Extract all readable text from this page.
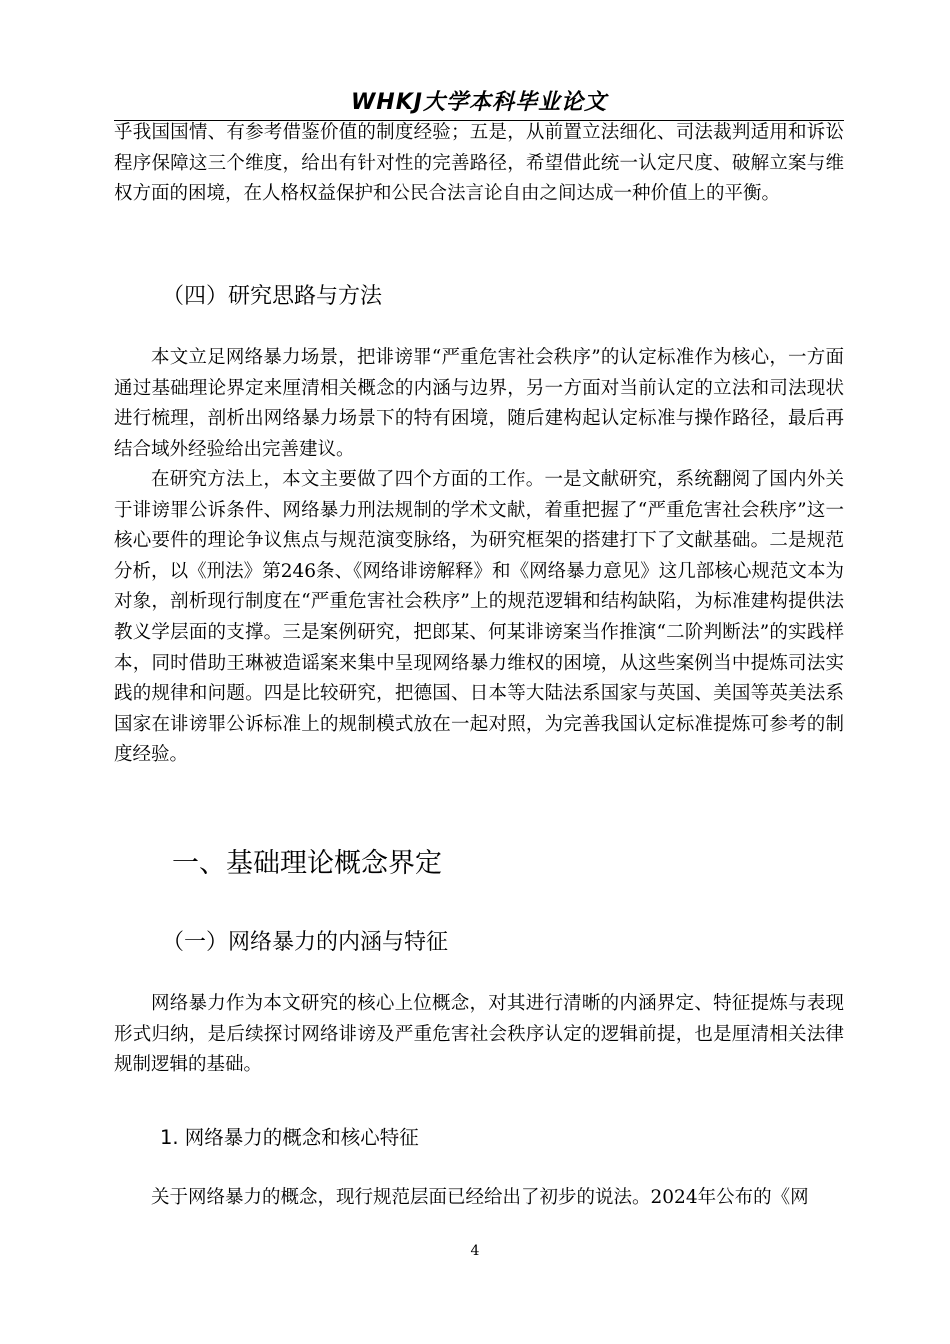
WHKJ大学本科毕业论文

乎我国国情、有参考借鉴价值的制度经验；五是，从前置立法细化、司法裁判适用和诉讼程序保障这三个维度，给出有针对性的完善路径，希望借此统一认定尺度、破解立案与维权方面的困境，在人格权益保护和公民合法言论自由之间达成一种价值上的平衡。

（四）研究思路与方法

本文立足网络暴力场景，把诽谤罪“严重危害社会秩序”的认定标准作为核心，一方面通过基础理论界定来厘清相关概念的内涵与边界，另一方面对当前认定的立法和司法现状进行梳理，剖析出网络暴力场景下的特有困境，随后建构起认定标准与操作路径，最后再结合域外经验给出完善建议。

在研究方法上，本文主要做了四个方面的工作。一是文献研究，系统翻阅了国内外关于诽谤罪公诉条件、网络暴力刑法规制的学术文献，着重把握了“严重危害社会秩序”这一核心要件的理论争议焦点与规范演变脉络，为研究框架的搭建打下了文献基础。二是规范分析，以《刑法》第246条、《网络诽谤解释》和《网络暴力意见》这几部核心规范文本为对象，剖析现行制度在“严重危害社会秩序”上的规范逻辑和结构缺陷，为标准建构提供法教义学层面的支撑。三是案例研究，把郎某、何某诽谤案当作推演“二阶判断法”的实践样本，同时借助王琳被造谣案来集中呈现网络暴力维权的困境，从这些案例当中提炼司法实践的规律和问题。四是比较研究，把德国、日本等大陆法系国家与英国、美国等英美法系国家在诽谤罪公诉标准上的规制模式放在一起对照，为完善我国认定标准提炼可参考的制度经验。

一、基础理论概念界定
（一）网络暴力的内涵与特征

网络暴力作为本文研究的核心上位概念，对其进行清晰的内涵界定、特征提炼与表现形式归纳，是后续探讨网络诽谤及严重危害社会秩序认定的逻辑前提，也是厘清相关法律规制逻辑的基础。

1. 网络暴力的概念和核心特征

关于网络暴力的概念，现行规范层面已经给出了初步的说法。2024年公布的《网

4
